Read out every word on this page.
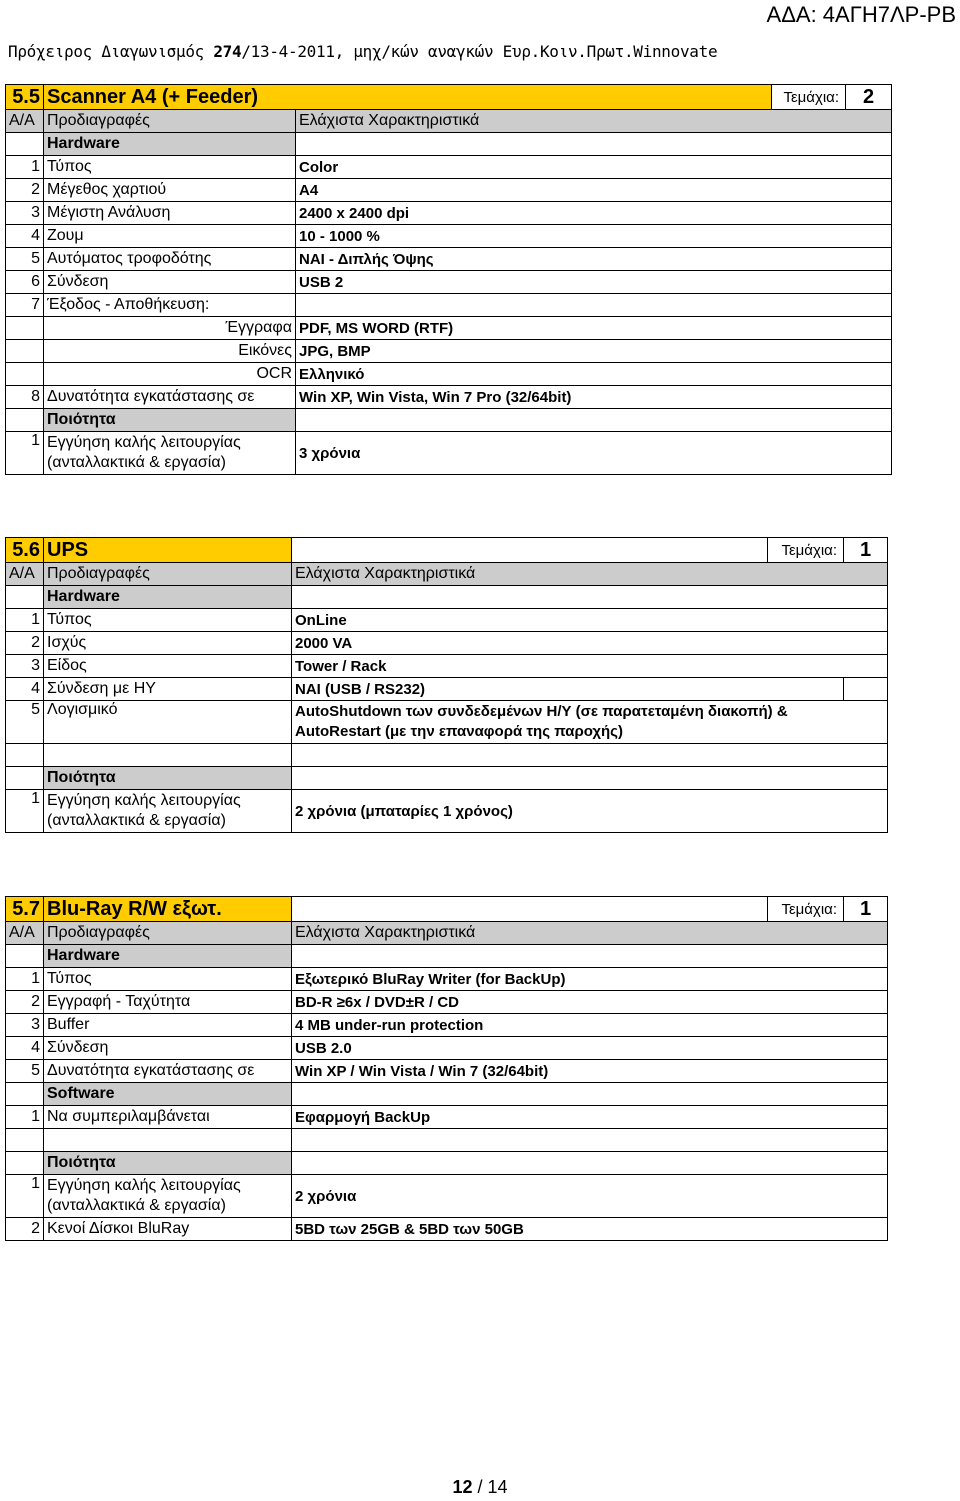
ΑΔΑ: 4ΑΓΗ7ΛΡ-ΡΒ
Πρόχειρος Διαγωνισμός 274/13-4-2011, μηχ/κών αναγκών Ευρ.Κοιν.Πρωτ.Winnovate
5.5	Scanner A4 (+ Feeder)		Τεμάχια:	2
Α/Α	Προδιαγραφές	Ελάχιστα Χαρακτηριστικά		
	Hardware			
1	Τύπος	Color		
2	Μέγεθος χαρτιού	A4		
3	Μέγιστη Ανάλυση	2400 x 2400 dpi		
4	Ζουμ	10 - 1000 %		
5	Αυτόματος τροφοδότης	ΝΑΙ - Διπλής Όψης		
6	Σύνδεση	USB 2		
7	Έξοδος - Αποθήκευση:			
	Έγγραφα	PDF, MS WORD (RTF)		
	Εικόνες	JPG, BMP		
	OCR	Ελληνικό		
8	Δυνατότητα εγκατάστασης σε	Win XP, Win Vista, Win 7 Pro (32/64bit)		
	Ποιότητα			
1	Εγγύηση καλής λειτουργίας
(ανταλλακτικά & εργασία)	3 χρόνια		
5.6	UPS		Τεμάχια:	1
Α/Α	Προδιαγραφές	Ελάχιστα Χαρακτηριστικά		
	Hardware			
1	Τύπος	OnLine		
2	Ισχύς	2000 VA		
3	Είδος	Tower / Rack		
4	Σύνδεση με ΗΥ	NAI (USB / RS232)		
5	Λογισμικό	AutoShutdown των συνδεδεμένων Η/Υ (σε παρατεταμένη διακοπή) &
AutoRestart (με την επαναφορά της παροχής)		

	Ποιότητα			
1	Εγγύηση καλής λειτουργίας
(ανταλλακτικά & εργασία)	2 χρόνια (μπαταρίες 1 χρόνος)		
5.7	Blu-Ray R/W εξωτ.		Τεμάχια:	1
Α/Α	Προδιαγραφές	Ελάχιστα Χαρακτηριστικά		
	Hardware			
1	Τύπος	Εξωτερικό BluRay Writer (for BackUp)		
2	Εγγραφή - Ταχύτητα	BD-R ≥6x / DVD±R / CD		
3	Buffer	4 MB under-run protection		
4	Σύνδεση	USB 2.0		
5	Δυνατότητα εγκατάστασης σε	Win XP / Win Vista / Win 7 (32/64bit)		
	Software			
1	Να συμπεριλαμβάνεται	Εφαρμογή BackUp		

	Ποιότητα			
1	Εγγύηση καλής λειτουργίας
(ανταλλακτικά & εργασία)	2 χρόνια		
2	Κενοί Δίσκοι BluRay	5BD των 25GB & 5BD των 50GB		
12 / 14
